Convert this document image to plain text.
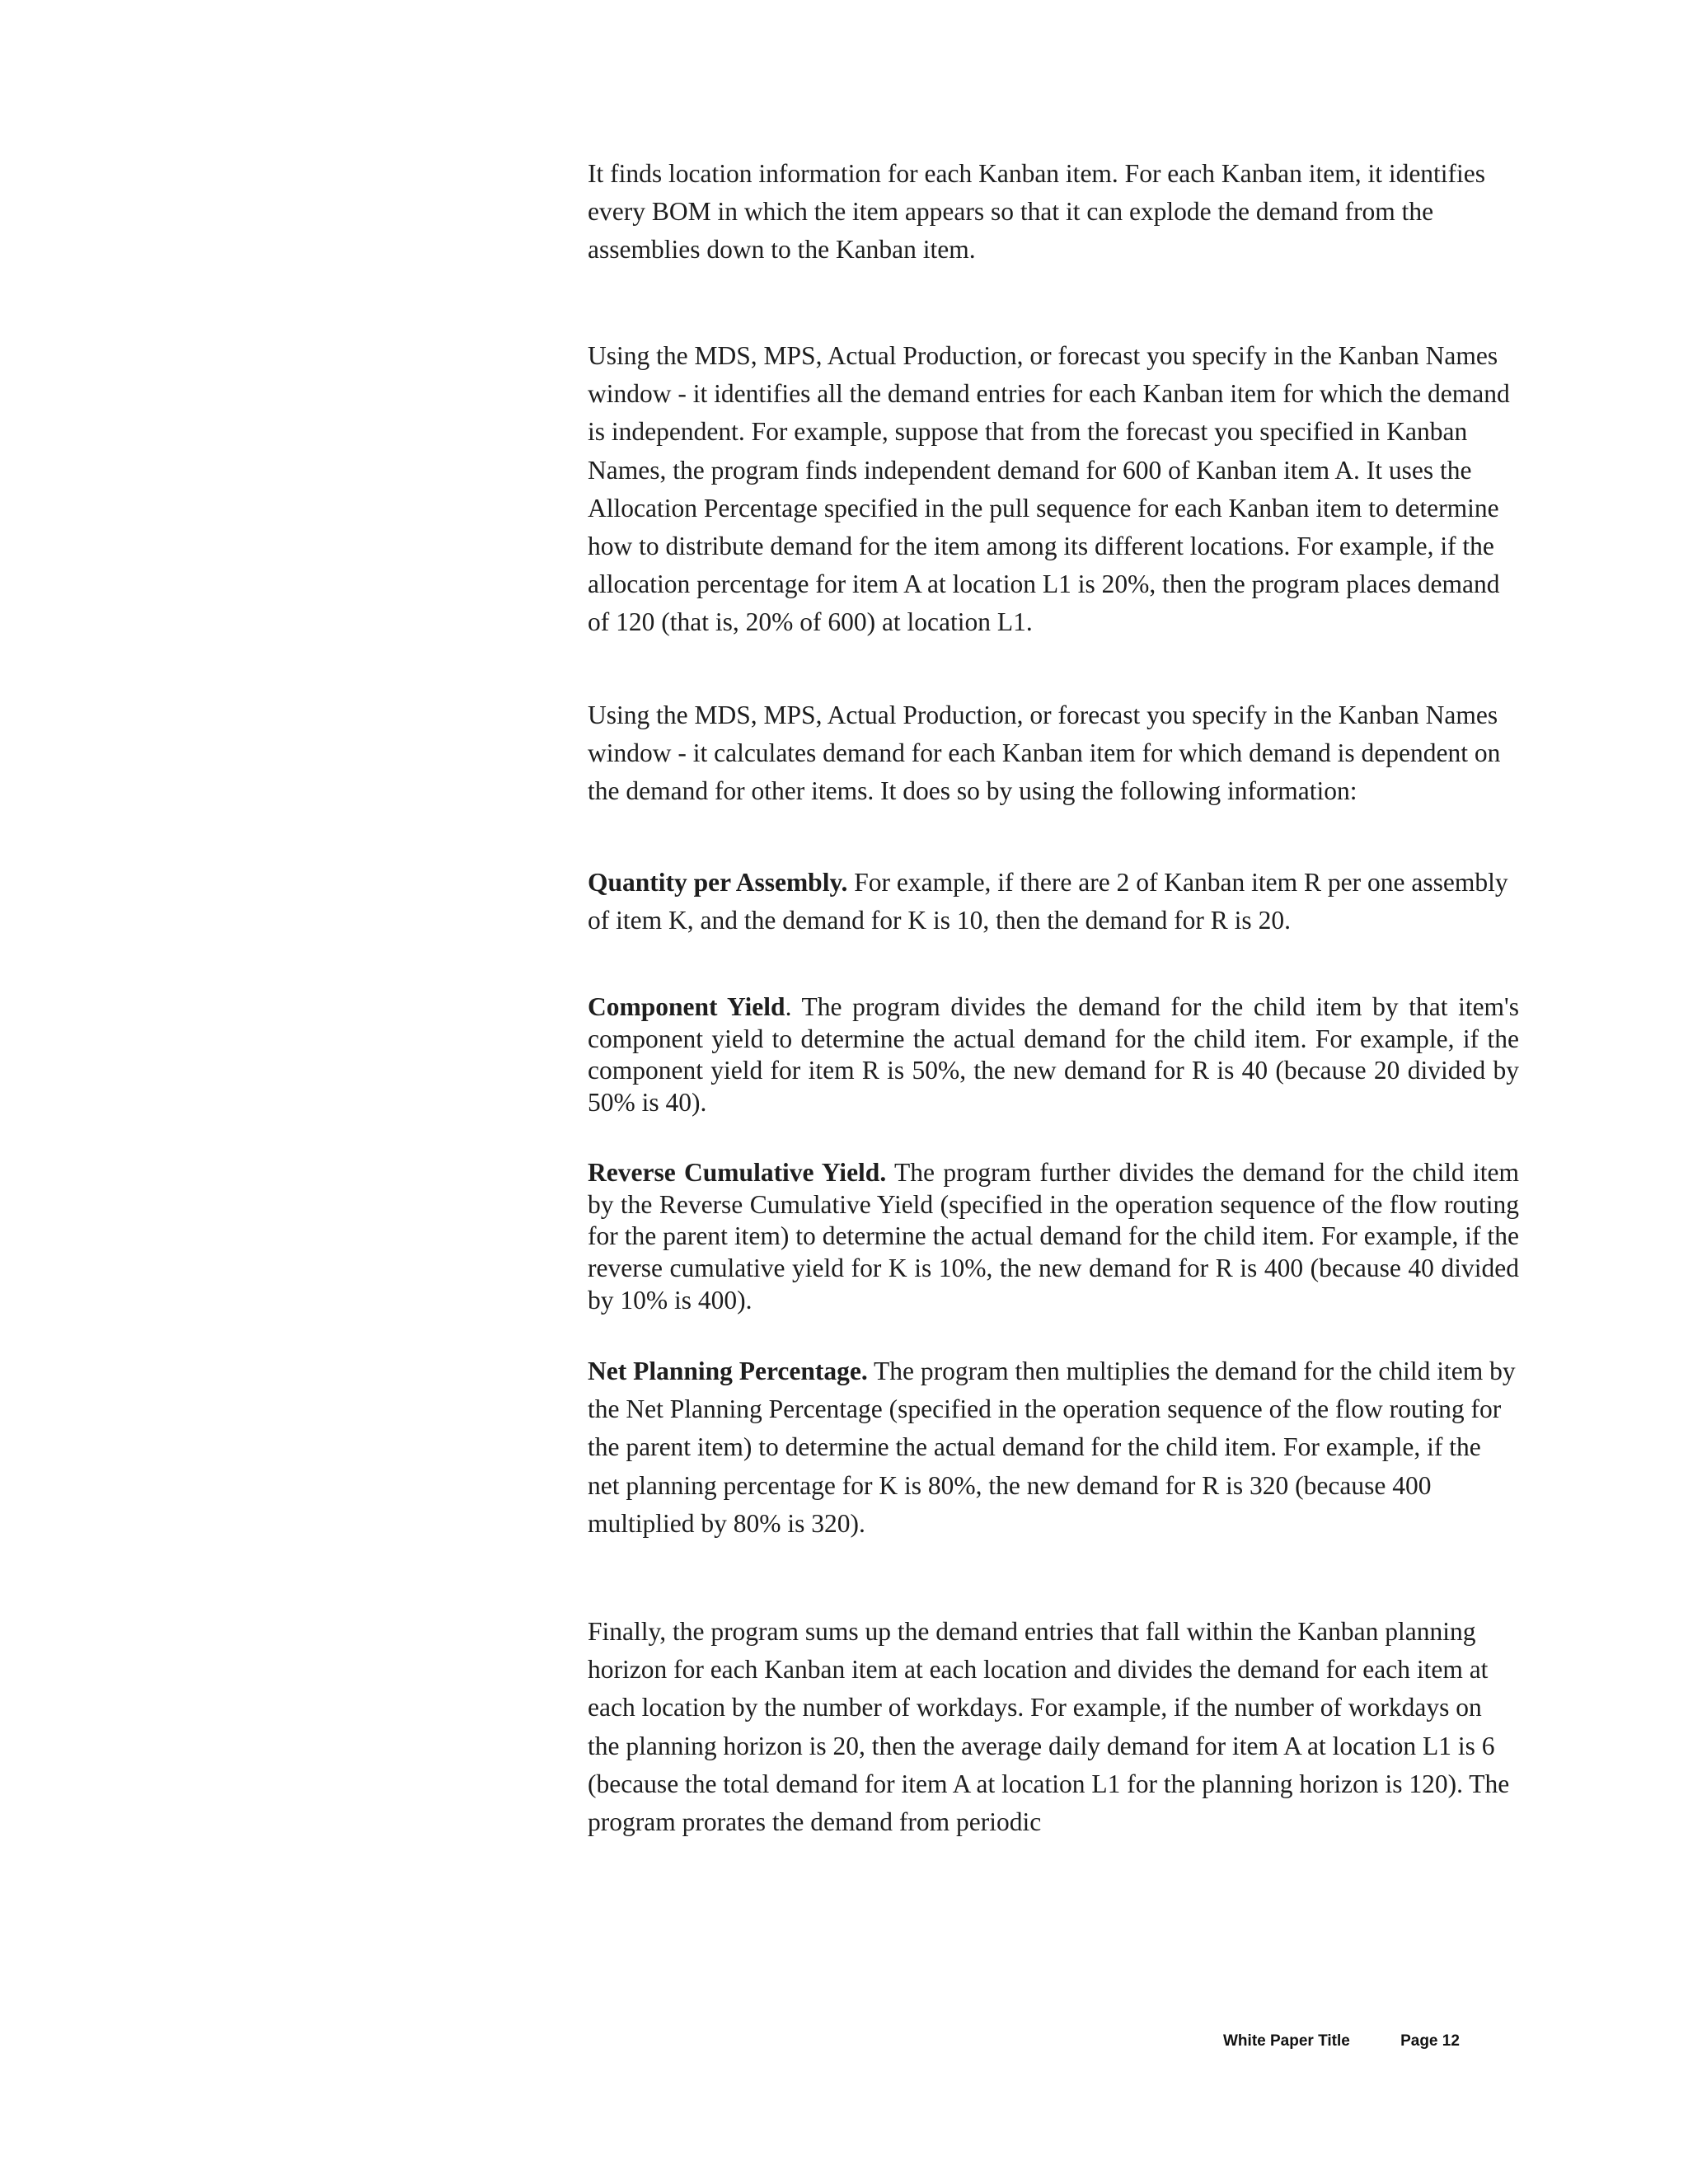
It finds location information for each Kanban item. For each Kanban item, it identifies every BOM in which the item appears so that it can explode the demand from the assemblies down to the Kanban item.

Using the MDS, MPS, Actual Production, or forecast you specify in the Kanban Names window - it identifies all the demand entries for each Kanban item for which the demand is independent. For example, suppose that from the forecast you specified in Kanban Names, the program finds independent demand for 600 of Kanban item A. It uses the Allocation Percentage specified in the pull sequence for each Kanban item to determine how to distribute demand for the item among its different locations. For example, if the allocation percentage for item A at location L1 is 20%, then the program places demand of 120 (that is, 20% of 600) at location L1.

Using the MDS, MPS, Actual Production, or forecast you specify in the Kanban Names window - it calculates demand for each Kanban item for which demand is dependent on the demand for other items. It does so by using the following information:

Quantity per Assembly. For example, if there are 2 of Kanban item R per one assembly of item K, and the demand for K is 10, then the demand for R is 20.

Component Yield. The program divides the demand for the child item by that item's component yield to determine the actual demand for the child item. For example, if the component yield for item R is 50%, the new demand for R is 40 (because 20 divided by 50% is 40).

Reverse Cumulative Yield. The program further divides the demand for the child item by the Reverse Cumulative Yield (specified in the operation sequence of the flow routing for the parent item) to determine the actual demand for the child item. For example, if the reverse cumulative yield for K is 10%, the new demand for R is 400 (because 40 divided by 10% is 400).

Net Planning Percentage. The program then multiplies the demand for the child item by the Net Planning Percentage (specified in the operation sequence of the flow routing for the parent item) to determine the actual demand for the child item. For example, if the net planning percentage for K is 80%, the new demand for R is 320 (because 400 multiplied by 80% is 320).

Finally, the program sums up the demand entries that fall within the Kanban planning horizon for each Kanban item at each location and divides the demand for each item at each location by the number of workdays. For example, if the number of workdays on the planning horizon is 20, then the average daily demand for item A at location L1 is 6 (because the total demand for item A at location L1 for the planning horizon is 120). The program prorates the demand from periodic

White Paper Title	Page 12
